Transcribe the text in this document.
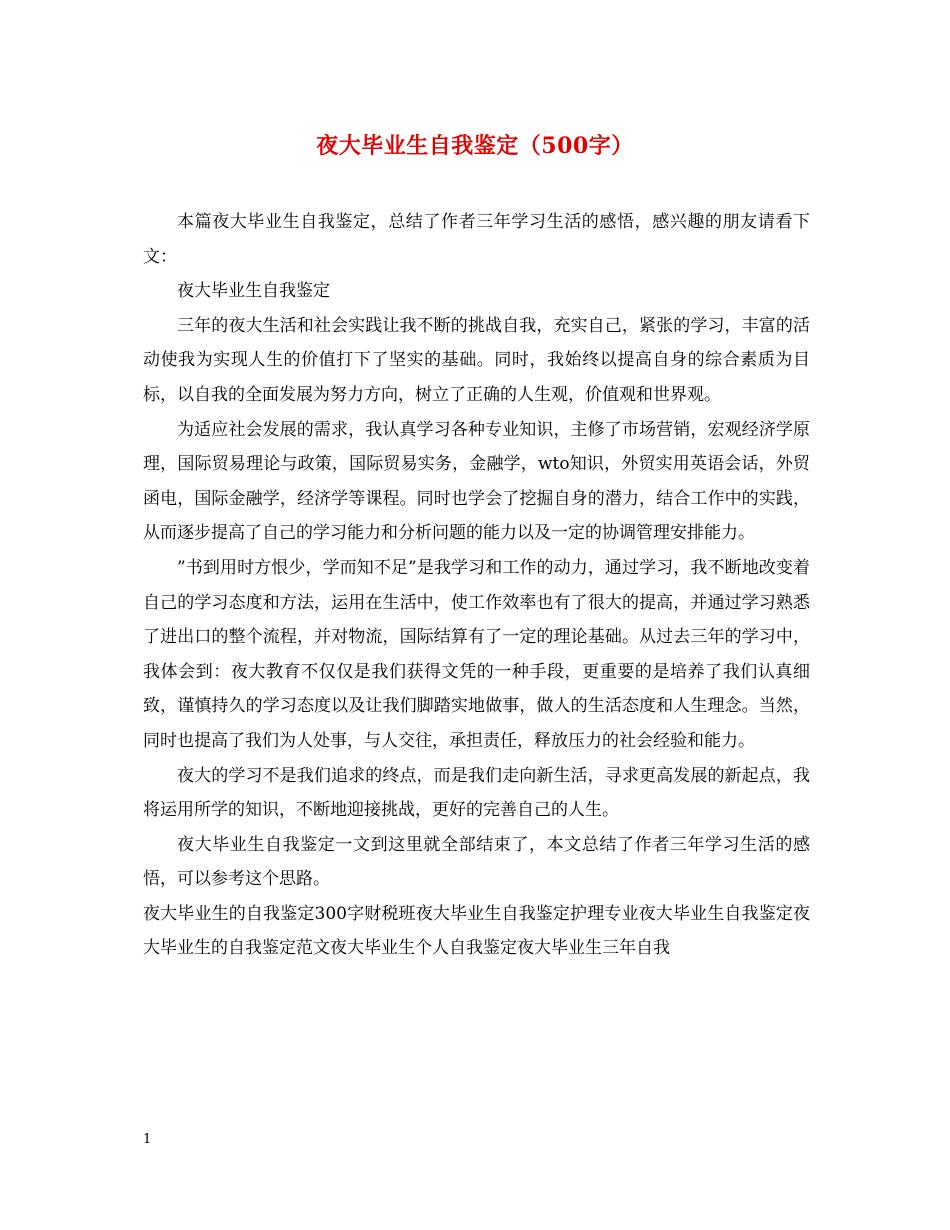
夜大毕业生自我鉴定（500字）

本篇夜大毕业生自我鉴定，总结了作者三年学习生活的感悟，感兴趣的朋友请看下文：

夜大毕业生自我鉴定

三年的夜大生活和社会实践让我不断的挑战自我，充实自己，紧张的学习，丰富的活动使我为实现人生的价值打下了坚实的基础。同时，我始终以提高自身的综合素质为目标，以自我的全面发展为努力方向，树立了正确的人生观，价值观和世界观。

为适应社会发展的需求，我认真学习各种专业知识，主修了市场营销，宏观经济学原理，国际贸易理论与政策，国际贸易实务，金融学，wto知识，外贸实用英语会话，外贸函电，国际金融学，经济学等课程。同时也学会了挖掘自身的潜力，结合工作中的实践，从而逐步提高了自己的学习能力和分析问题的能力以及一定的协调管理安排能力。

”书到用时方恨少，学而知不足”是我学习和工作的动力，通过学习，我不断地改变着自己的学习态度和方法，运用在生活中，使工作效率也有了很大的提高，并通过学习熟悉了进出口的整个流程，并对物流，国际结算有了一定的理论基础。从过去三年的学习中，我体会到：夜大教育不仅仅是我们获得文凭的一种手段，更重要的是培养了我们认真细致，谨慎持久的学习态度以及让我们脚踏实地做事，做人的生活态度和人生理念。当然，同时也提高了我们为人处事，与人交往，承担责任，释放压力的社会经验和能力。

夜大的学习不是我们追求的终点，而是我们走向新生活，寻求更高发展的新起点，我将运用所学的知识，不断地迎接挑战，更好的完善自己的人生。

夜大毕业生自我鉴定一文到这里就全部结束了，本文总结了作者三年学习生活的感悟，可以参考这个思路。

夜大毕业生的自我鉴定300字财税班夜大毕业生自我鉴定护理专业夜大毕业生自我鉴定夜大毕业生的自我鉴定范文夜大毕业生个人自我鉴定夜大毕业生三年自我

1
